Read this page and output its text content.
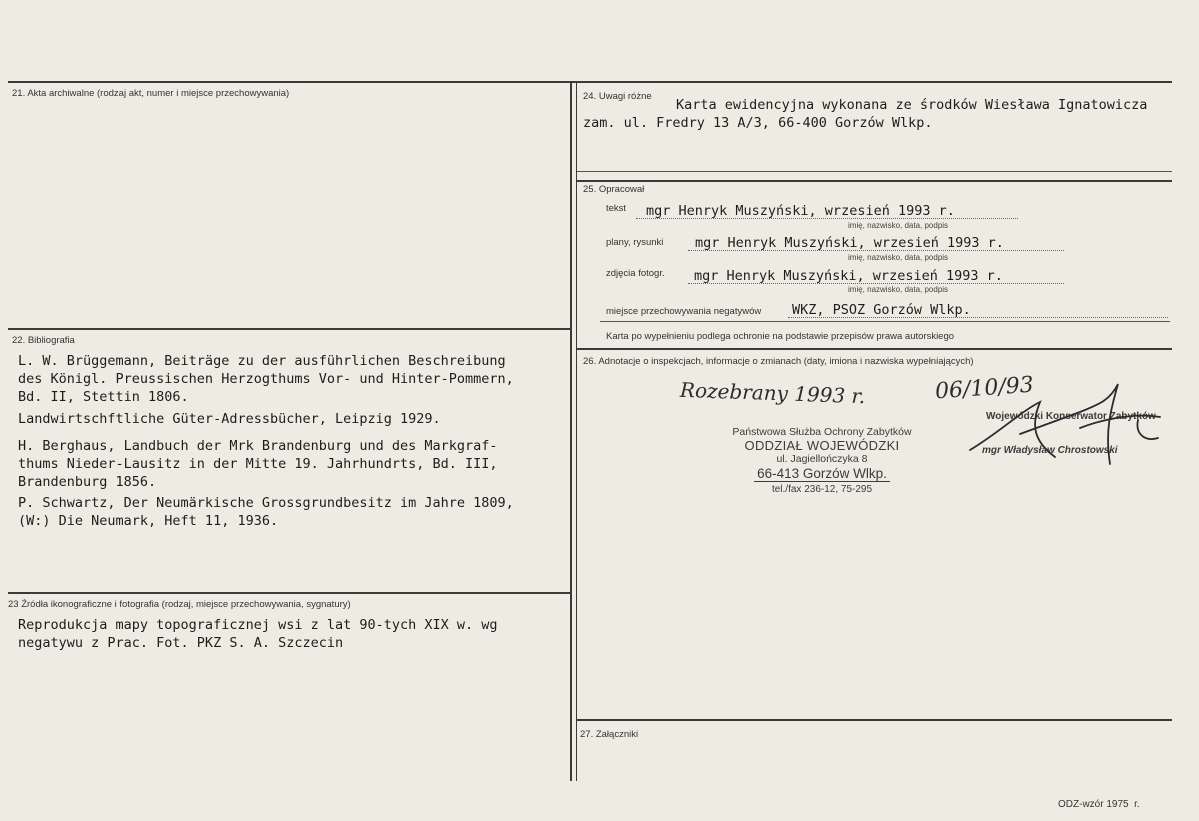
21. Akta archiwalne (rodzaj akt, numer i miejsce przechowywania)
22. Bibliografia
L. W. Brüggemann, Beiträge zu der ausführlichen Beschreibung
des Königl. Preussischen Herzogthums Vor- und Hinter-Pommern,
Bd. II, Stettin 1806.
Landwirtschftliche Güter-Adressbücher, Leipzig 1929.
H. Berghaus, Landbuch der Mrk Brandenburg und des Markgraf-
thums Nieder-Lausitz in der Mitte 19. Jahrhundrts, Bd. III,
Brandenburg 1856.
P. Schwartz, Der Neumärkische Grossgrundbesitz im Jahre 1809,
(W:) Die Neumark, Heft 11, 1936.
23 Źródła ikonograficzne i fotografia (rodzaj, miejsce przechowywania, sygnatury)
Reprodukcja mapy topograficznej wsi z lat 90-tych XIX w. wg
negatywu z Prac. Fot. PKZ S. A. Szczecin
24. Uwagi różne
Karta ewidencyjna wykonana ze środków Wiesława Ignatowicza
zam. ul. Fredry 13 A/3, 66-400 Gorzów Wlkp.
25. Opracował
tekst mgr Henryk Muszyński, wrzesień 1993 r.
imię, nazwisko, data, podpis
plany, rysunki mgr Henryk Muszyński, wrzesień 1993 r.
imię, nazwisko, data, podpis
zdjęcia fotogr. mgr Henryk Muszyński, wrzesień 1993 r.
imię, nazwisko, data, podpis
miejsce przechowywania negatywów WKZ, PSOZ Gorzów Wlkp.
Karta po wypełnieniu podlega ochronie na podstawie przepisów prawa autorskiego
26. Adnotacje o inspekcjach, informacje o zmianach (daty, imiona i nazwiska wypełniających)
Rozebrany 1993 r.	06/10/93
Państwowa Służba Ochrony Zabytków
ODDZIAŁ WOJEWÓDZKI
ul. Jagiellończyka 8
66-413 Gorzów Wlkp.
tel./fax 236-12, 75-295
Wojewódzki Konserwator Zabytków
mgr Władysław Chrostowski
27. Załączniki
ODZ-wzór 1975  r.
